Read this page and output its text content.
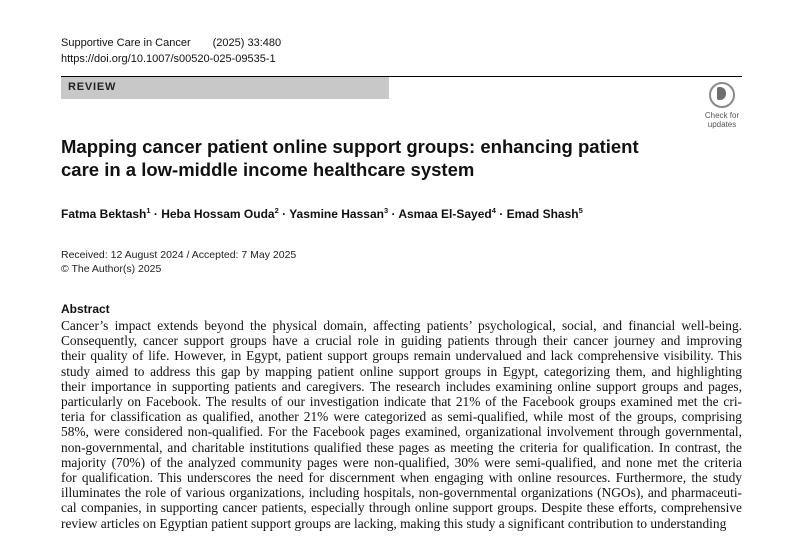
Supportive Care in Cancer (2025) 33:480
https://doi.org/10.1007/s00520-025-09535-1
REVIEW
Check for
updates
Mapping cancer patient online support groups: enhancing patient care in a low-middle income healthcare system
Fatma Bektash$^1$ · Heba Hossam Ouda$^2$ · Yasmine Hassan$^3$ · Asmaa El-Sayed$^4$ · Emad Shash$^5$
Received: 12 August 2024 / Accepted: 7 May 2025
© The Author(s) 2025
Abstract
Cancer’s impact extends beyond the physical domain, affecting patients’ psychological, social, and financial well-being.
Consequently, cancer support groups have a crucial role in guiding patients through their cancer journey and improving
their quality of life. However, in Egypt, patient support groups remain undervalued and lack comprehensive visibility. This
study aimed to address this gap by mapping patient online support groups in Egypt, categorizing them, and highlighting
their importance in supporting patients and caregivers. The research includes examining online support groups and pages,
particularly on Facebook. The results of our investigation indicate that 21% of the Facebook groups examined met the cri-
teria for classification as qualified, another 21% were categorized as semi-qualified, while most of the groups, comprising
58%, were considered non-qualified. For the Facebook pages examined, organizational involvement through governmental,
non-governmental, and charitable institutions qualified these pages as meeting the criteria for qualification. In contrast, the
majority (70%) of the analyzed community pages were non-qualified, 30% were semi-qualified, and none met the criteria
for qualification. This underscores the need for discernment when engaging with online resources. Furthermore, the study
illuminates the role of various organizations, including hospitals, non-governmental organizations (NGOs), and pharmaceuti-
cal companies, in supporting cancer patients, especially through online support groups. Despite these efforts, comprehensive
review articles on Egyptian patient support groups are lacking, making this study a significant contribution to understanding
